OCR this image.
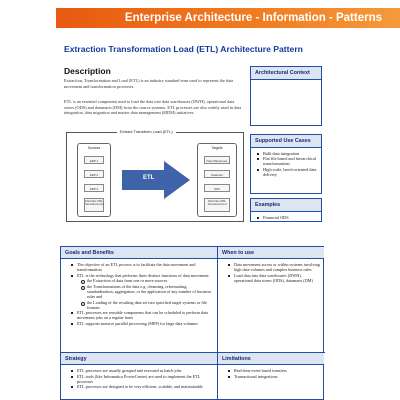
Enterprise Architecture - Information - Patterns
Extraction Transformation Load (ETL) Architecture Pattern
Description

Extraction, Transformation and Load (ETL) is an industry standard term used to represent the data movement and transformation processes.

ETL is an essential component used to load the data into data warehouses (DWH), operational data stores (ODS) and datamarts (DM) from the source systems. ETL processes are also widely used in data integration, data migration and master data management (MDM) initiatives.

Extract Transform Load (ETL)
Sources
ERP 1
ERP 2
ERP 3
Flat Files XML Semistructured
ETL
Targets
Data Warehouse
Datamart
ODS
Flat Files XML Semistructured
Architectural Context
Supported Use Cases
Bulk data integration
Flat file based and hierarchical transformations
High scale, batch-oriented data delivery
Examples
Financial ODS
Goals and Benefits
The objective of an ETL process is to facilitate the data movement and transformation
ETL is the technology that performs three distinct functions of data movement:
the Extraction of data from one or more sources
the Transformations of the data e.g. cleansing, reformatting, standardization, aggregation, or the application of any number of business rules and
the Loading of the resulting data set into specified target systems or file formats
ETL processes are reusable components that can be scheduled to perform data movement jobs on a regular basis
ETL supports massive parallel processing (MPP) for large data volumes
When to use
Data movement across or within systems involving high data volumes and complex business rules
Load data into data warehouses (DWH), operational data stores (ODS), datamarts (DM)
Strategy
ETL processes are usually grouped and executed as batch jobs
ETL tools (like Informatica PowerCenter) are used to implement the ETL processes
ETL processes are designed to be very efficient, scalable, and maintainable
Limitations
Real-time event based transfers
Transactional integrations
